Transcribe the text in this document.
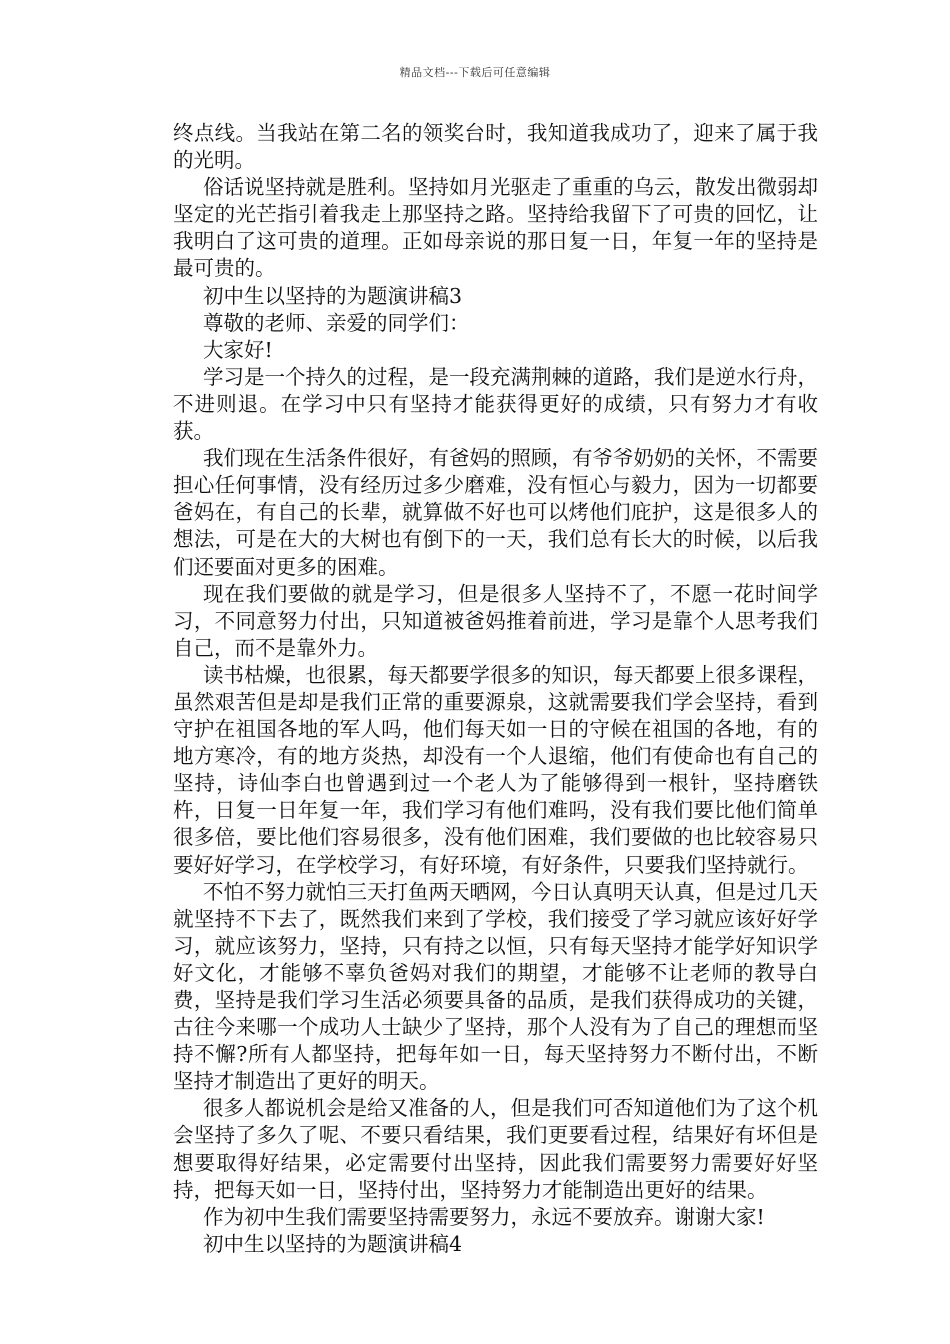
精品文档---下载后可任意编辑

终点线。当我站在第二名的领奖台时，我知道我成功了，迎来了属于我的光明。

俗话说坚持就是胜利。坚持如月光驱走了重重的乌云，散发出微弱却坚定的光芒指引着我走上那坚持之路。坚持给我留下了可贵的回忆，让我明白了这可贵的道理。正如母亲说的那日复一日，年复一年的坚持是最可贵的。

初中生以坚持的为题演讲稿3

尊敬的老师、亲爱的同学们：

大家好!

学习是一个持久的过程，是一段充满荆棘的道路，我们是逆水行舟，不进则退。在学习中只有坚持才能获得更好的成绩，只有努力才有收获。

我们现在生活条件很好，有爸妈的照顾，有爷爷奶奶的关怀，不需要担心任何事情，没有经历过多少磨难，没有恒心与毅力，因为一切都要爸妈在，有自己的长辈，就算做不好也可以烤他们庇护，这是很多人的想法，可是在大的大树也有倒下的一天，我们总有长大的时候，以后我们还要面对更多的困难。

现在我们要做的就是学习，但是很多人坚持不了，不愿一花时间学习，不同意努力付出，只知道被爸妈推着前进，学习是靠个人思考我们自己，而不是靠外力。

读书枯燥，也很累，每天都要学很多的知识，每天都要上很多课程，虽然艰苦但是却是我们正常的重要源泉，这就需要我们学会坚持，看到守护在祖国各地的军人吗，他们每天如一日的守候在祖国的各地，有的地方寒冷，有的地方炎热，却没有一个人退缩，他们有使命也有自己的坚持，诗仙李白也曾遇到过一个老人为了能够得到一根针，坚持磨铁杵，日复一日年复一年，我们学习有他们难吗，没有我们要比他们简单很多倍，要比他们容易很多，没有他们困难，我们要做的也比较容易只要好好学习，在学校学习，有好环境，有好条件，只要我们坚持就行。

不怕不努力就怕三天打鱼两天晒网，今日认真明天认真，但是过几天就坚持不下去了，既然我们来到了学校，我们接受了学习就应该好好学习，就应该努力，坚持，只有持之以恒，只有每天坚持才能学好知识学好文化，才能够不辜负爸妈对我们的期望，才能够不让老师的教导白费，坚持是我们学习生活必须要具备的品质，是我们获得成功的关键，古往今来哪一个成功人士缺少了坚持，那个人没有为了自己的理想而坚持不懈?所有人都坚持，把每年如一日，每天坚持努力不断付出，不断坚持才制造出了更好的明天。

很多人都说机会是给又准备的人，但是我们可否知道他们为了这个机会坚持了多久了呢、不要只看结果，我们更要看过程，结果好有坏但是想要取得好结果，必定需要付出坚持，因此我们需要努力需要好好坚持，把每天如一日，坚持付出，坚持努力才能制造出更好的结果。

作为初中生我们需要坚持需要努力，永远不要放弃。谢谢大家!

初中生以坚持的为题演讲稿4
